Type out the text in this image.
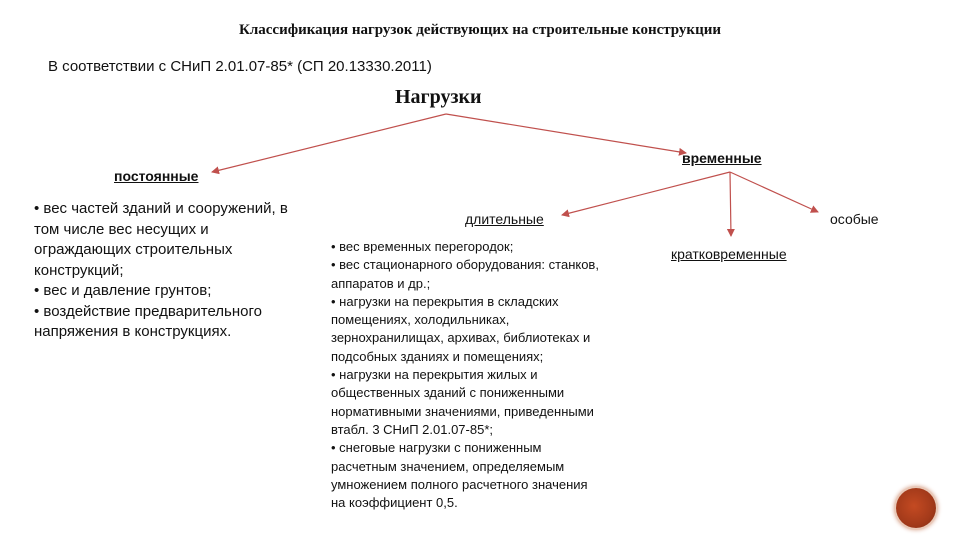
Классификация нагрузок действующих на строительные конструкции
В соответствии с СНиП 2.01.07-85* (СП 20.13330.2011)
Нагрузки
постоянные
временные
длительные
кратковременные
особые
• вес частей зданий и сооружений, в
том числе вес несущих и
ограждающих строительных
конструкций;
• вес и давление грунтов;
• воздействие предварительного
напряжения в конструкциях.
• вес временных перегородок;
• вес стационарного оборудования: станков,
аппаратов и др.;
• нагрузки на перекрытия в складских
помещениях, холодильниках,
зернохранилищах, архивах, библиотеках и
подсобных зданиях и помещениях;
• нагрузки на перекрытия жилых и
общественных зданий с пониженными
нормативными значениями, приведенными
втабл. 3 СНиП 2.01.07-85*;
• снеговые нагрузки с пониженным
расчетным значением, определяемым
умножением полного расчетного значения
на коэффициент 0,5.
